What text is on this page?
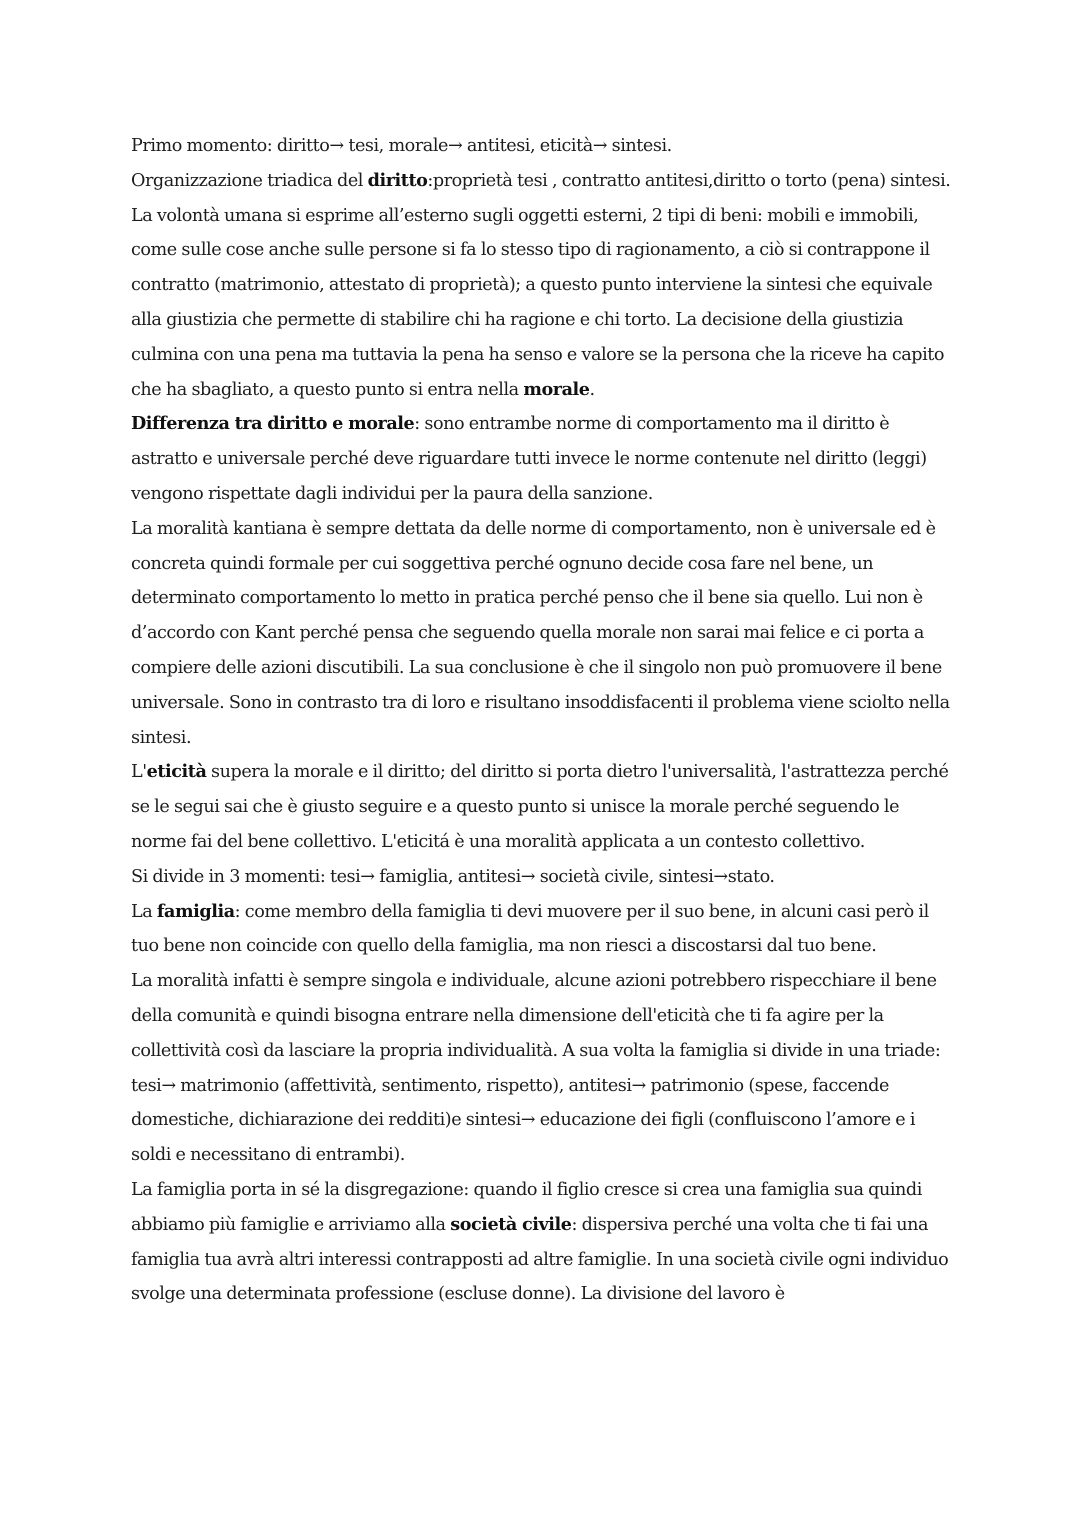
Primo momento: diritto→ tesi, morale→ antitesi, eticità→ sintesi.

Organizzazione triadica del diritto:proprietà tesi , contratto antitesi,diritto o torto (pena) sintesi.

La volontà umana si esprime all’esterno sugli oggetti esterni, 2 tipi di beni: mobili e immobili, come sulle cose anche sulle persone si fa lo stesso tipo di ragionamento, a ciò si contrappone il contratto (matrimonio, attestato di proprietà); a questo punto interviene la sintesi che equivale alla giustizia che permette di stabilire chi ha ragione e chi torto. La decisione della giustizia culmina con una pena ma tuttavia la pena ha senso e valore se la persona che la riceve ha capito che ha sbagliato, a questo punto si entra nella morale.

Differenza tra diritto e morale: sono entrambe norme di comportamento ma il diritto è astratto e universale perché deve riguardare tutti invece le norme contenute nel diritto (leggi) vengono rispettate dagli individui per la paura della sanzione.

La moralità kantiana è sempre dettata da delle norme di comportamento, non è universale ed è concreta quindi formale per cui soggettiva perché ognuno decide cosa fare nel bene, un determinato comportamento lo metto in pratica perché penso che il bene sia quello. Lui non è d’accordo con Kant perché pensa che seguendo quella morale non sarai mai felice e ci porta a compiere delle azioni discutibili. La sua conclusione è che il singolo non può promuovere il bene universale. Sono in contrasto tra di loro e risultano insoddisfacenti il problema viene sciolto nella sintesi.

L'eticità supera la morale e il diritto; del diritto si porta dietro l'universalità, l'astrattezza perché se le segui sai che è giusto seguire e a questo punto si unisce la morale perché seguendo le norme fai del bene collettivo. L'eticitá è una moralità applicata a un contesto collettivo.

Si divide in 3 momenti: tesi→ famiglia, antitesi→ società civile, sintesi→stato.

La famiglia: come membro della famiglia ti devi muovere per il suo bene, in alcuni casi però il tuo bene non coincide con quello della famiglia, ma non riesci a discostarsi dal tuo bene.

La moralità infatti è sempre singola e individuale, alcune azioni potrebbero rispecchiare il bene della comunità e quindi bisogna entrare nella dimensione dell'eticità che ti fa agire per la collettività così da lasciare la propria individualità. A sua volta la famiglia si divide in una triade: tesi→ matrimonio (affettività, sentimento, rispetto), antitesi→ patrimonio (spese, faccende domestiche, dichiarazione dei redditi)e sintesi→ educazione dei figli (confluiscono l’amore e i soldi e necessitano di entrambi).

La famiglia porta in sé la disgregazione: quando il figlio cresce si crea una famiglia sua quindi abbiamo più famiglie e arriviamo alla società civile: dispersiva perché una volta che ti fai una famiglia tua avrà altri interessi contrapposti ad altre famiglie. In una società civile ogni individuo svolge una determinata professione (escluse donne). La divisione del lavoro è
